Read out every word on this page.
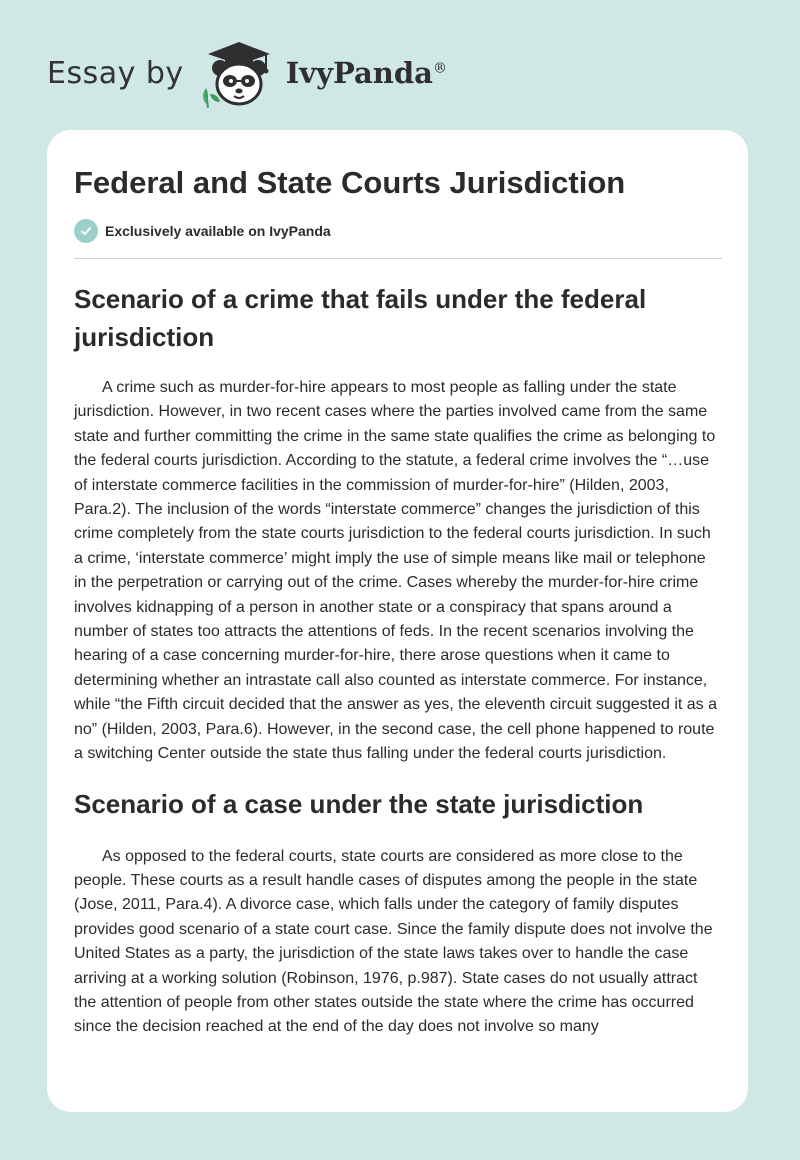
Essay by	IvyPanda®
Federal and State Courts Jurisdiction
Exclusively available on IvyPanda
Scenario of a crime that fails under the federal jurisdiction

A crime such as murder-for-hire appears to most people as falling under the state jurisdiction. However, in two recent cases where the parties involved came from the same state and further committing the crime in the same state qualifies the crime as belonging to the federal courts jurisdiction. According to the statute, a federal crime involves the “…use of interstate commerce facilities in the commission of murder-for-hire” (Hilden, 2003, Para.2). The inclusion of the words “interstate commerce” changes the jurisdiction of this crime completely from the state courts jurisdiction to the federal courts jurisdiction. In such a crime, ‘interstate commerce’ might imply the use of simple means like mail or telephone in the perpetration or carrying out of the crime. Cases whereby the murder-for-hire crime involves kidnapping of a person in another state or a conspiracy that spans around a number of states too attracts the attentions of feds. In the recent scenarios involving the hearing of a case concerning murder-for-hire, there arose questions when it came to determining whether an intrastate call also counted as interstate commerce. For instance, while “the Fifth circuit decided that the answer as yes, the eleventh circuit suggested it as a no” (Hilden, 2003, Para.6). However, in the second case, the cell phone happened to route a switching Center outside the state thus falling under the federal courts jurisdiction.

Scenario of a case under the state jurisdiction

As opposed to the federal courts, state courts are considered as more close to the people. These courts as a result handle cases of disputes among the people in the state (Jose, 2011, Para.4). A divorce case, which falls under the category of family disputes provides good scenario of a state court case. Since the family dispute does not involve the United States as a party, the jurisdiction of the state laws takes over to handle the case arriving at a working solution (Robinson, 1976, p.987). State cases do not usually attract the attention of people from other states outside the state where the crime has occurred since the decision reached at the end of the day does not involve so many
